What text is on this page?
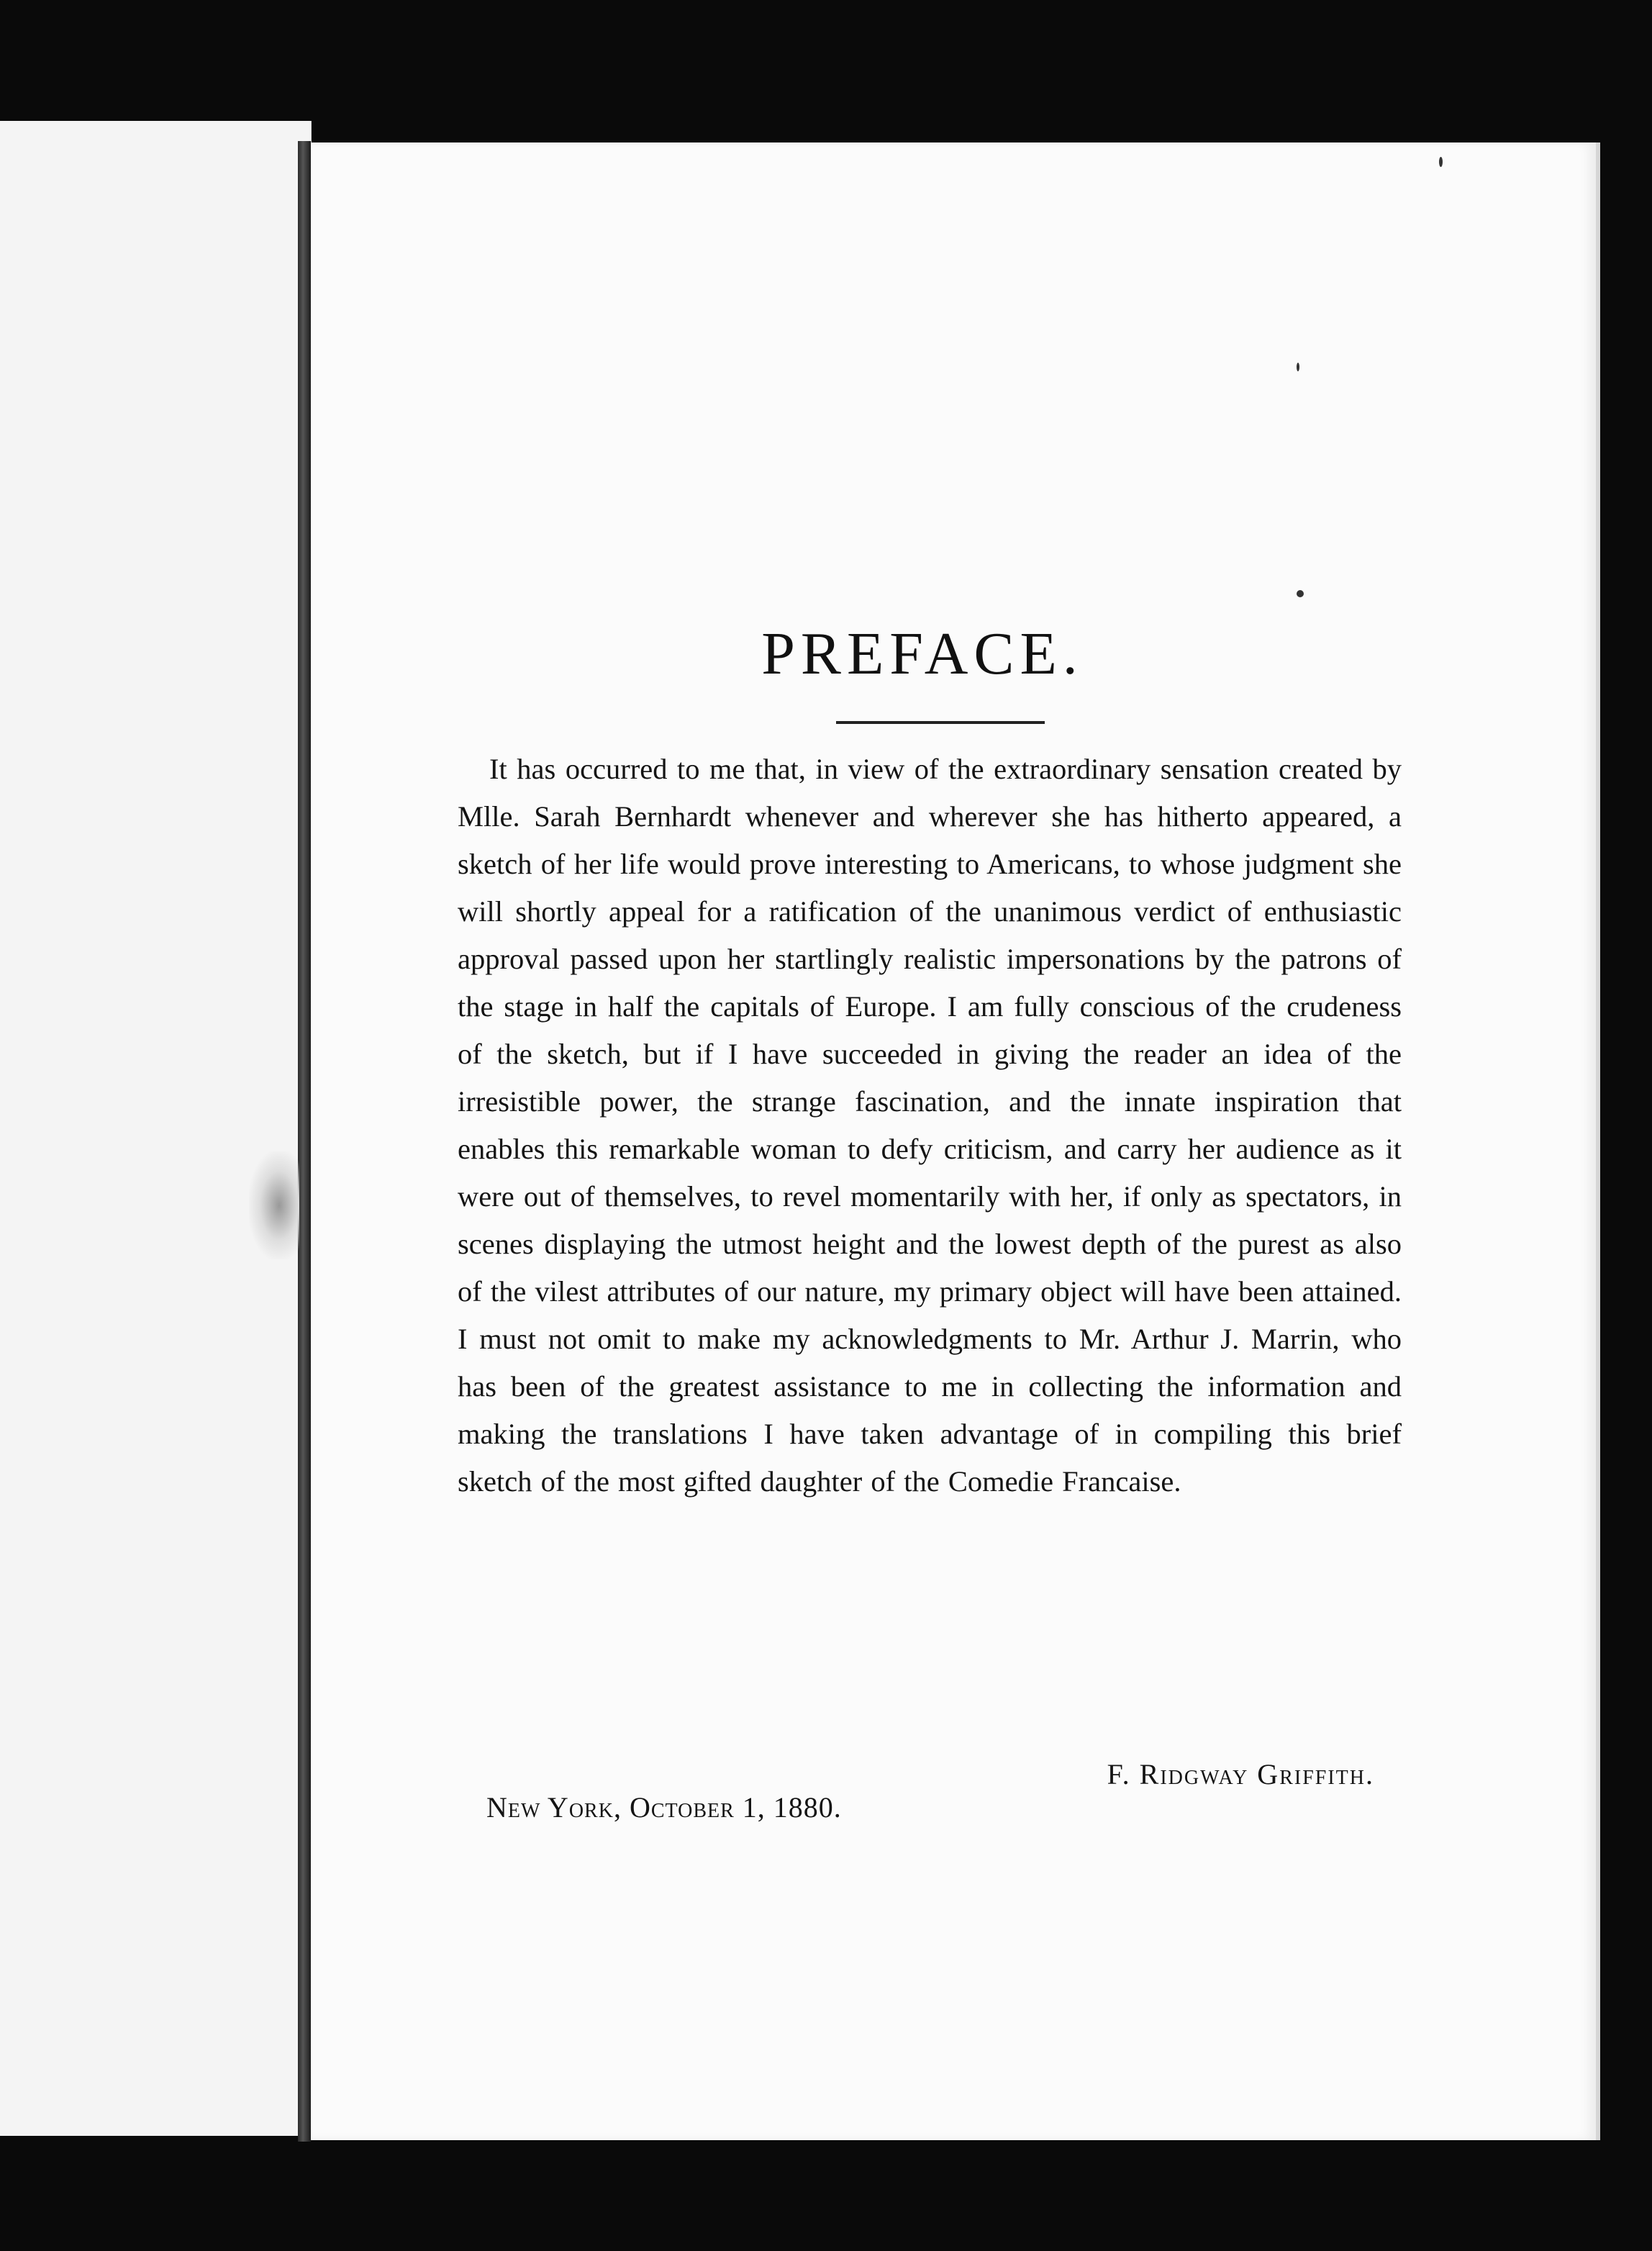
PREFACE.

It has occurred to me that, in view of the extraordinary sensation created by Mlle. Sarah Bernhardt whenever and wherever she has hitherto appeared, a sketch of her life would prove interesting to Americans, to whose judgment she will shortly appeal for a ratification of the unanimous verdict of enthusiastic approval passed upon her startlingly realistic impersonations by the patrons of the stage in half the capitals of Europe. I am fully conscious of the crudeness of the sketch, but if I have succeeded in giving the reader an idea of the irresistible power, the strange fascination, and the innate inspiration that enables this remarkable woman to defy criticism, and carry her audience as it were out of themselves, to revel momentarily with her, if only as spectators, in scenes displaying the utmost height and the lowest depth of the purest as also of the vilest attributes of our nature, my primary object will have been attained. I must not omit to make my acknowledgments to Mr. Arthur J. Marrin, who has been of the greatest assistance to me in collecting the information and making the translations I have taken advantage of in compiling this brief sketch of the most gifted daughter of the Comedie Francaise.

F. Ridgway Griffith.

New York, October 1, 1880.
